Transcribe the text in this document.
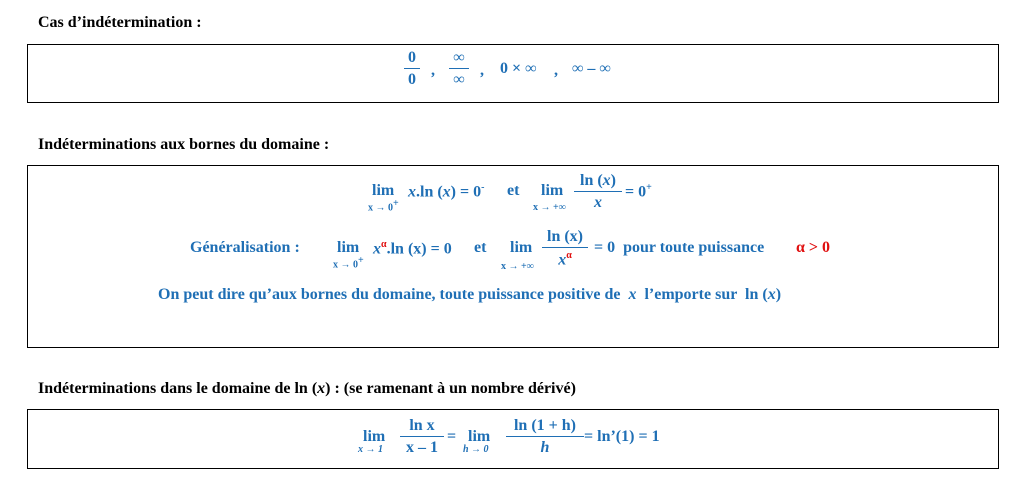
Cas d’indétermination :
$\frac{0}{0}$ ,
∞
∞
, 0 × ∞ , ∞ – ∞
Indéterminations aux bornes du domaine :
lim
x → 0+
x.ln (x) = 0- et lim
x → +∞ $\frac{\ln (x)}{x} = 0^+$
Généralisation : lim
x → 0+
$x^\alpha.\ln$ (x) = 0 et lim
x → +∞ $\frac{\ln (x)}{x^\alpha} = 0$  pour toute puissance α > 0
On peut dire qu’aux bornes du domaine, toute puissance positive de x l’emporte sur  ln (x)
Indéterminations dans le domaine de ln (x) : (se ramenant à un nombre dérivé)
lim
$x \to 1 \frac{\text{ln x}}{x - 1} = \lim$
$h \to 0 \frac{\ln (1 + h)}{h}$ = ln’(1) = 1
